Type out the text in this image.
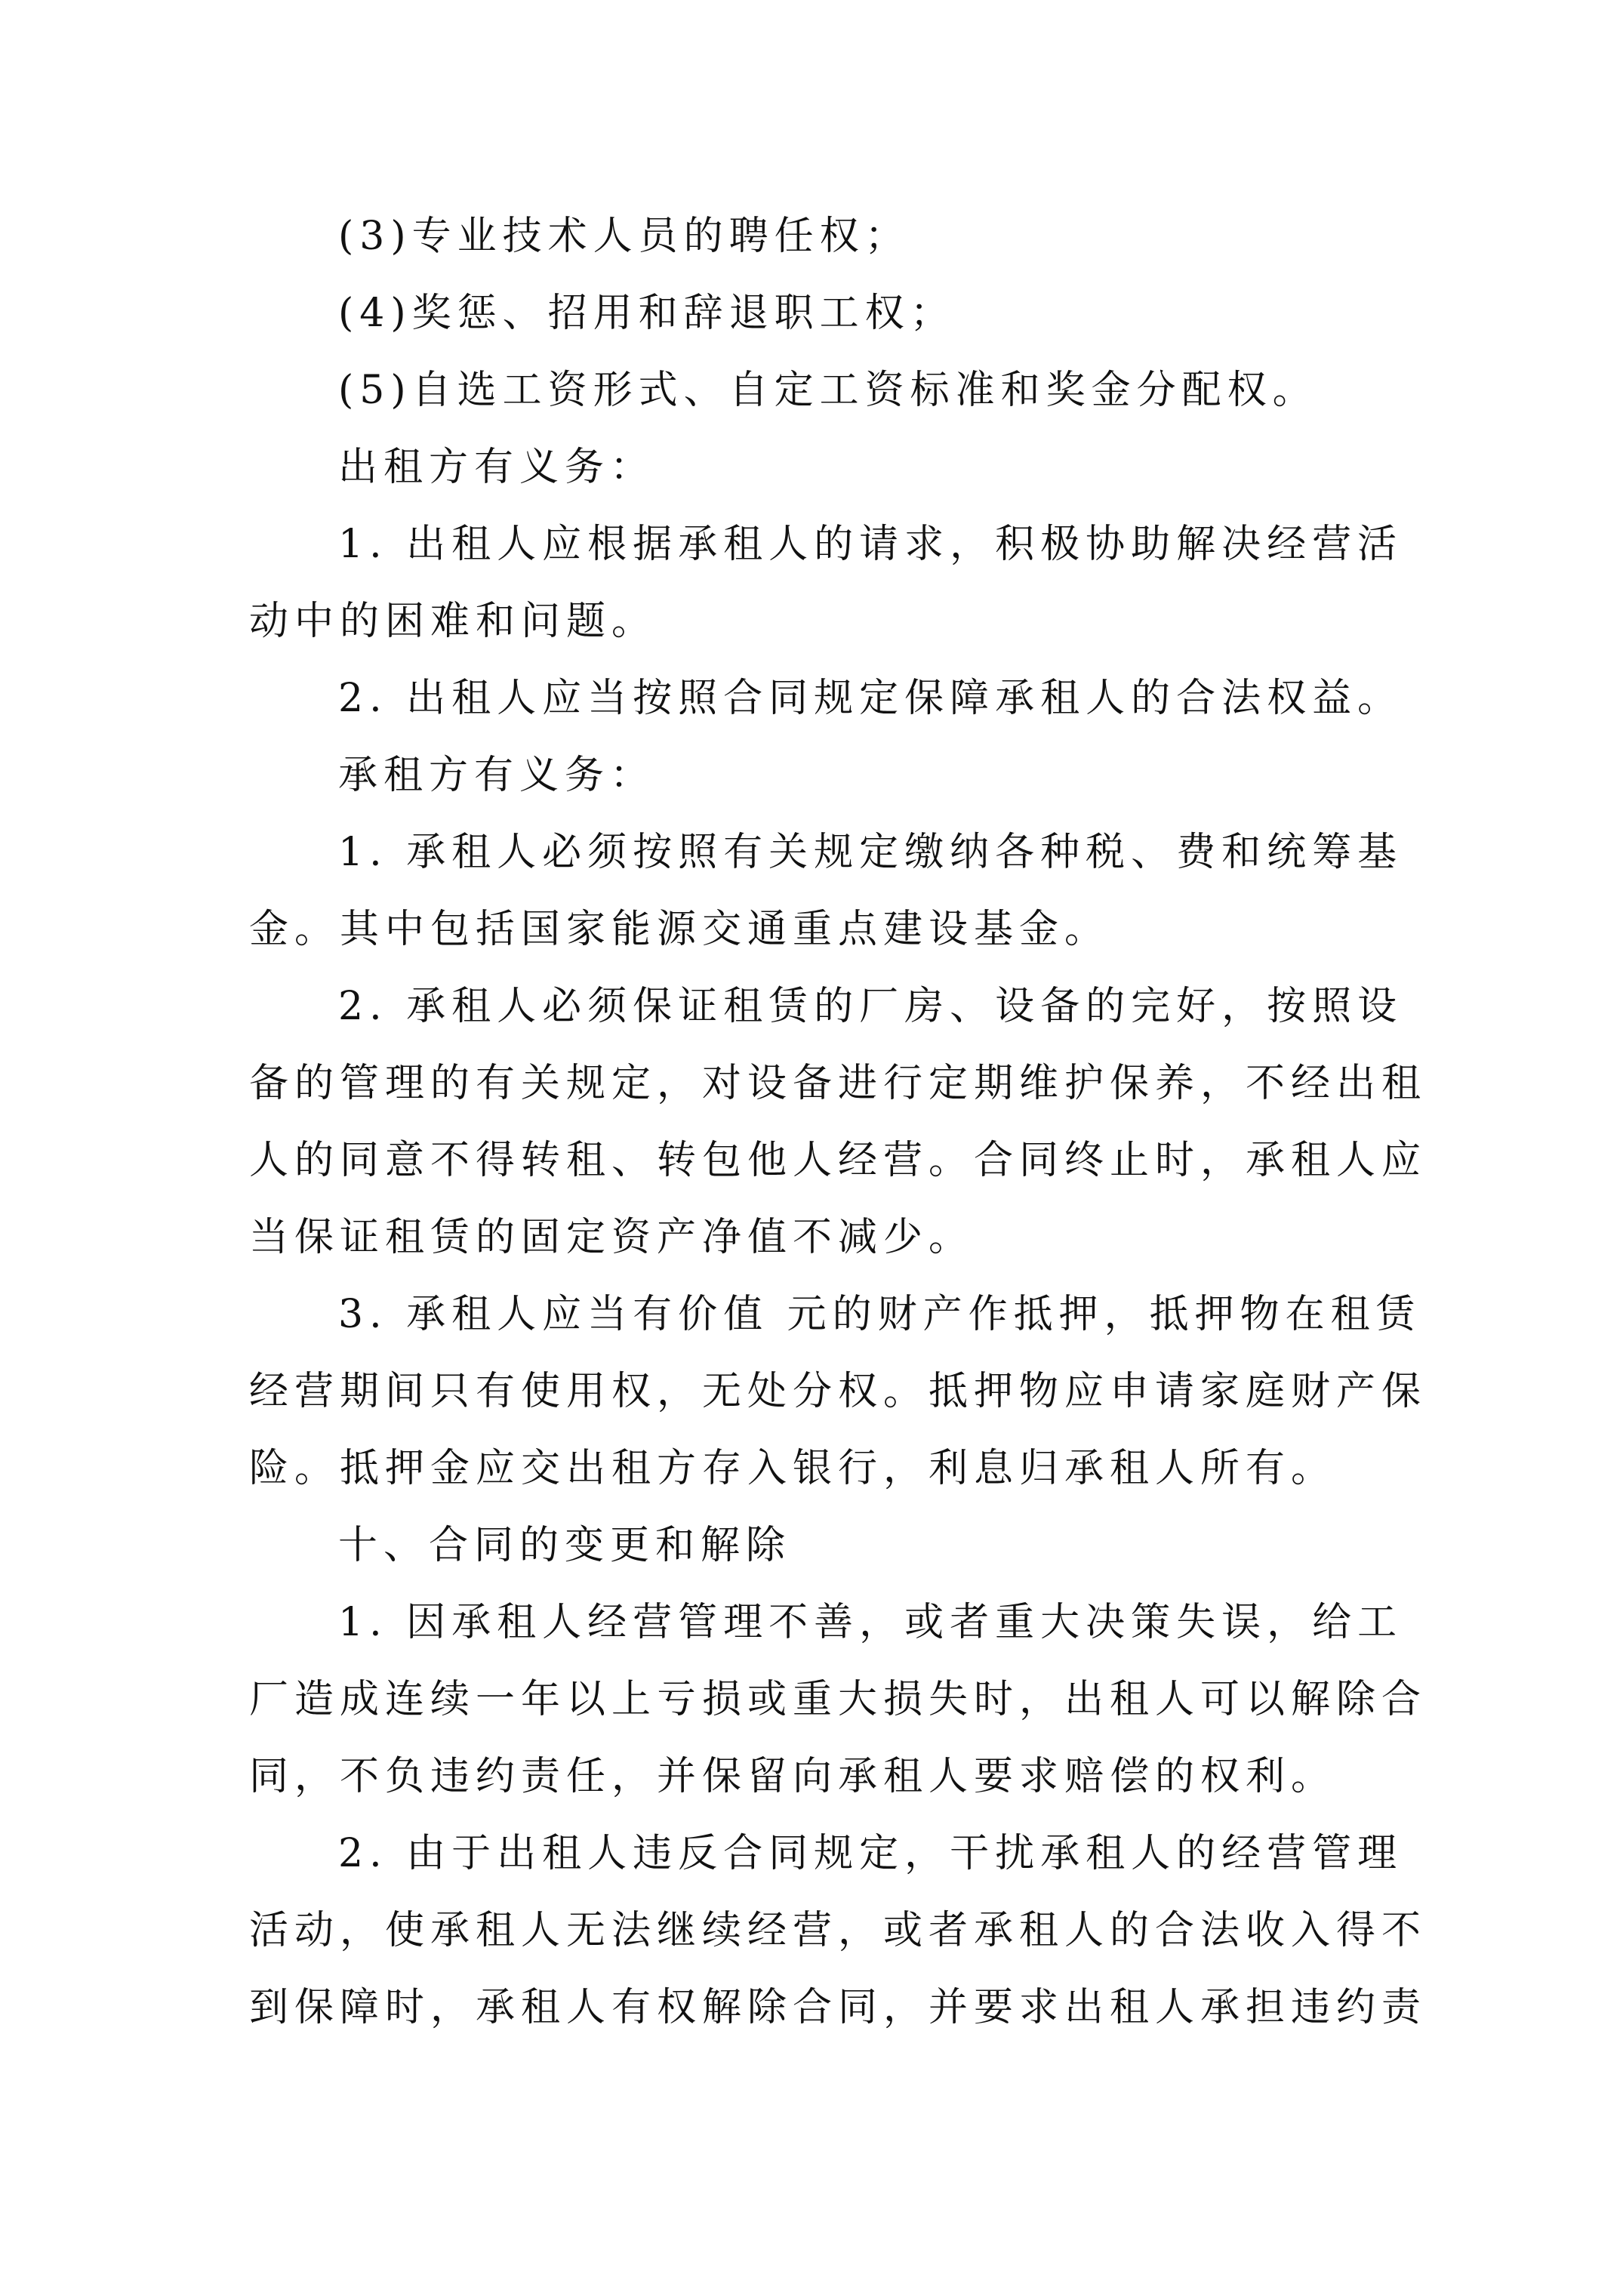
(3)专业技术人员的聘任权；
(4)奖惩、招用和辞退职工权；
(5)自选工资形式、自定工资标准和奖金分配权。
出租方有义务：
1. 出租人应根据承租人的请求，积极协助解决经营活
动中的困难和问题。
2. 出租人应当按照合同规定保障承租人的合法权益。
承租方有义务：
1. 承租人必须按照有关规定缴纳各种税、费和统筹基
金。其中包括国家能源交通重点建设基金。
2. 承租人必须保证租赁的厂房、设备的完好，按照设
备的管理的有关规定，对设备进行定期维护保养，不经出租
人的同意不得转租、转包他人经营。合同终止时，承租人应
当保证租赁的固定资产净值不减少。
3. 承租人应当有价值 元的财产作抵押，抵押物在租赁
经营期间只有使用权，无处分权。抵押物应申请家庭财产保
险。抵押金应交出租方存入银行，利息归承租人所有。
十、合同的变更和解除
1. 因承租人经营管理不善，或者重大决策失误，给工
厂造成连续一年以上亏损或重大损失时，出租人可以解除合
同，不负违约责任，并保留向承租人要求赔偿的权利。
2. 由于出租人违反合同规定，干扰承租人的经营管理
活动，使承租人无法继续经营，或者承租人的合法收入得不
到保障时，承租人有权解除合同，并要求出租人承担违约责
